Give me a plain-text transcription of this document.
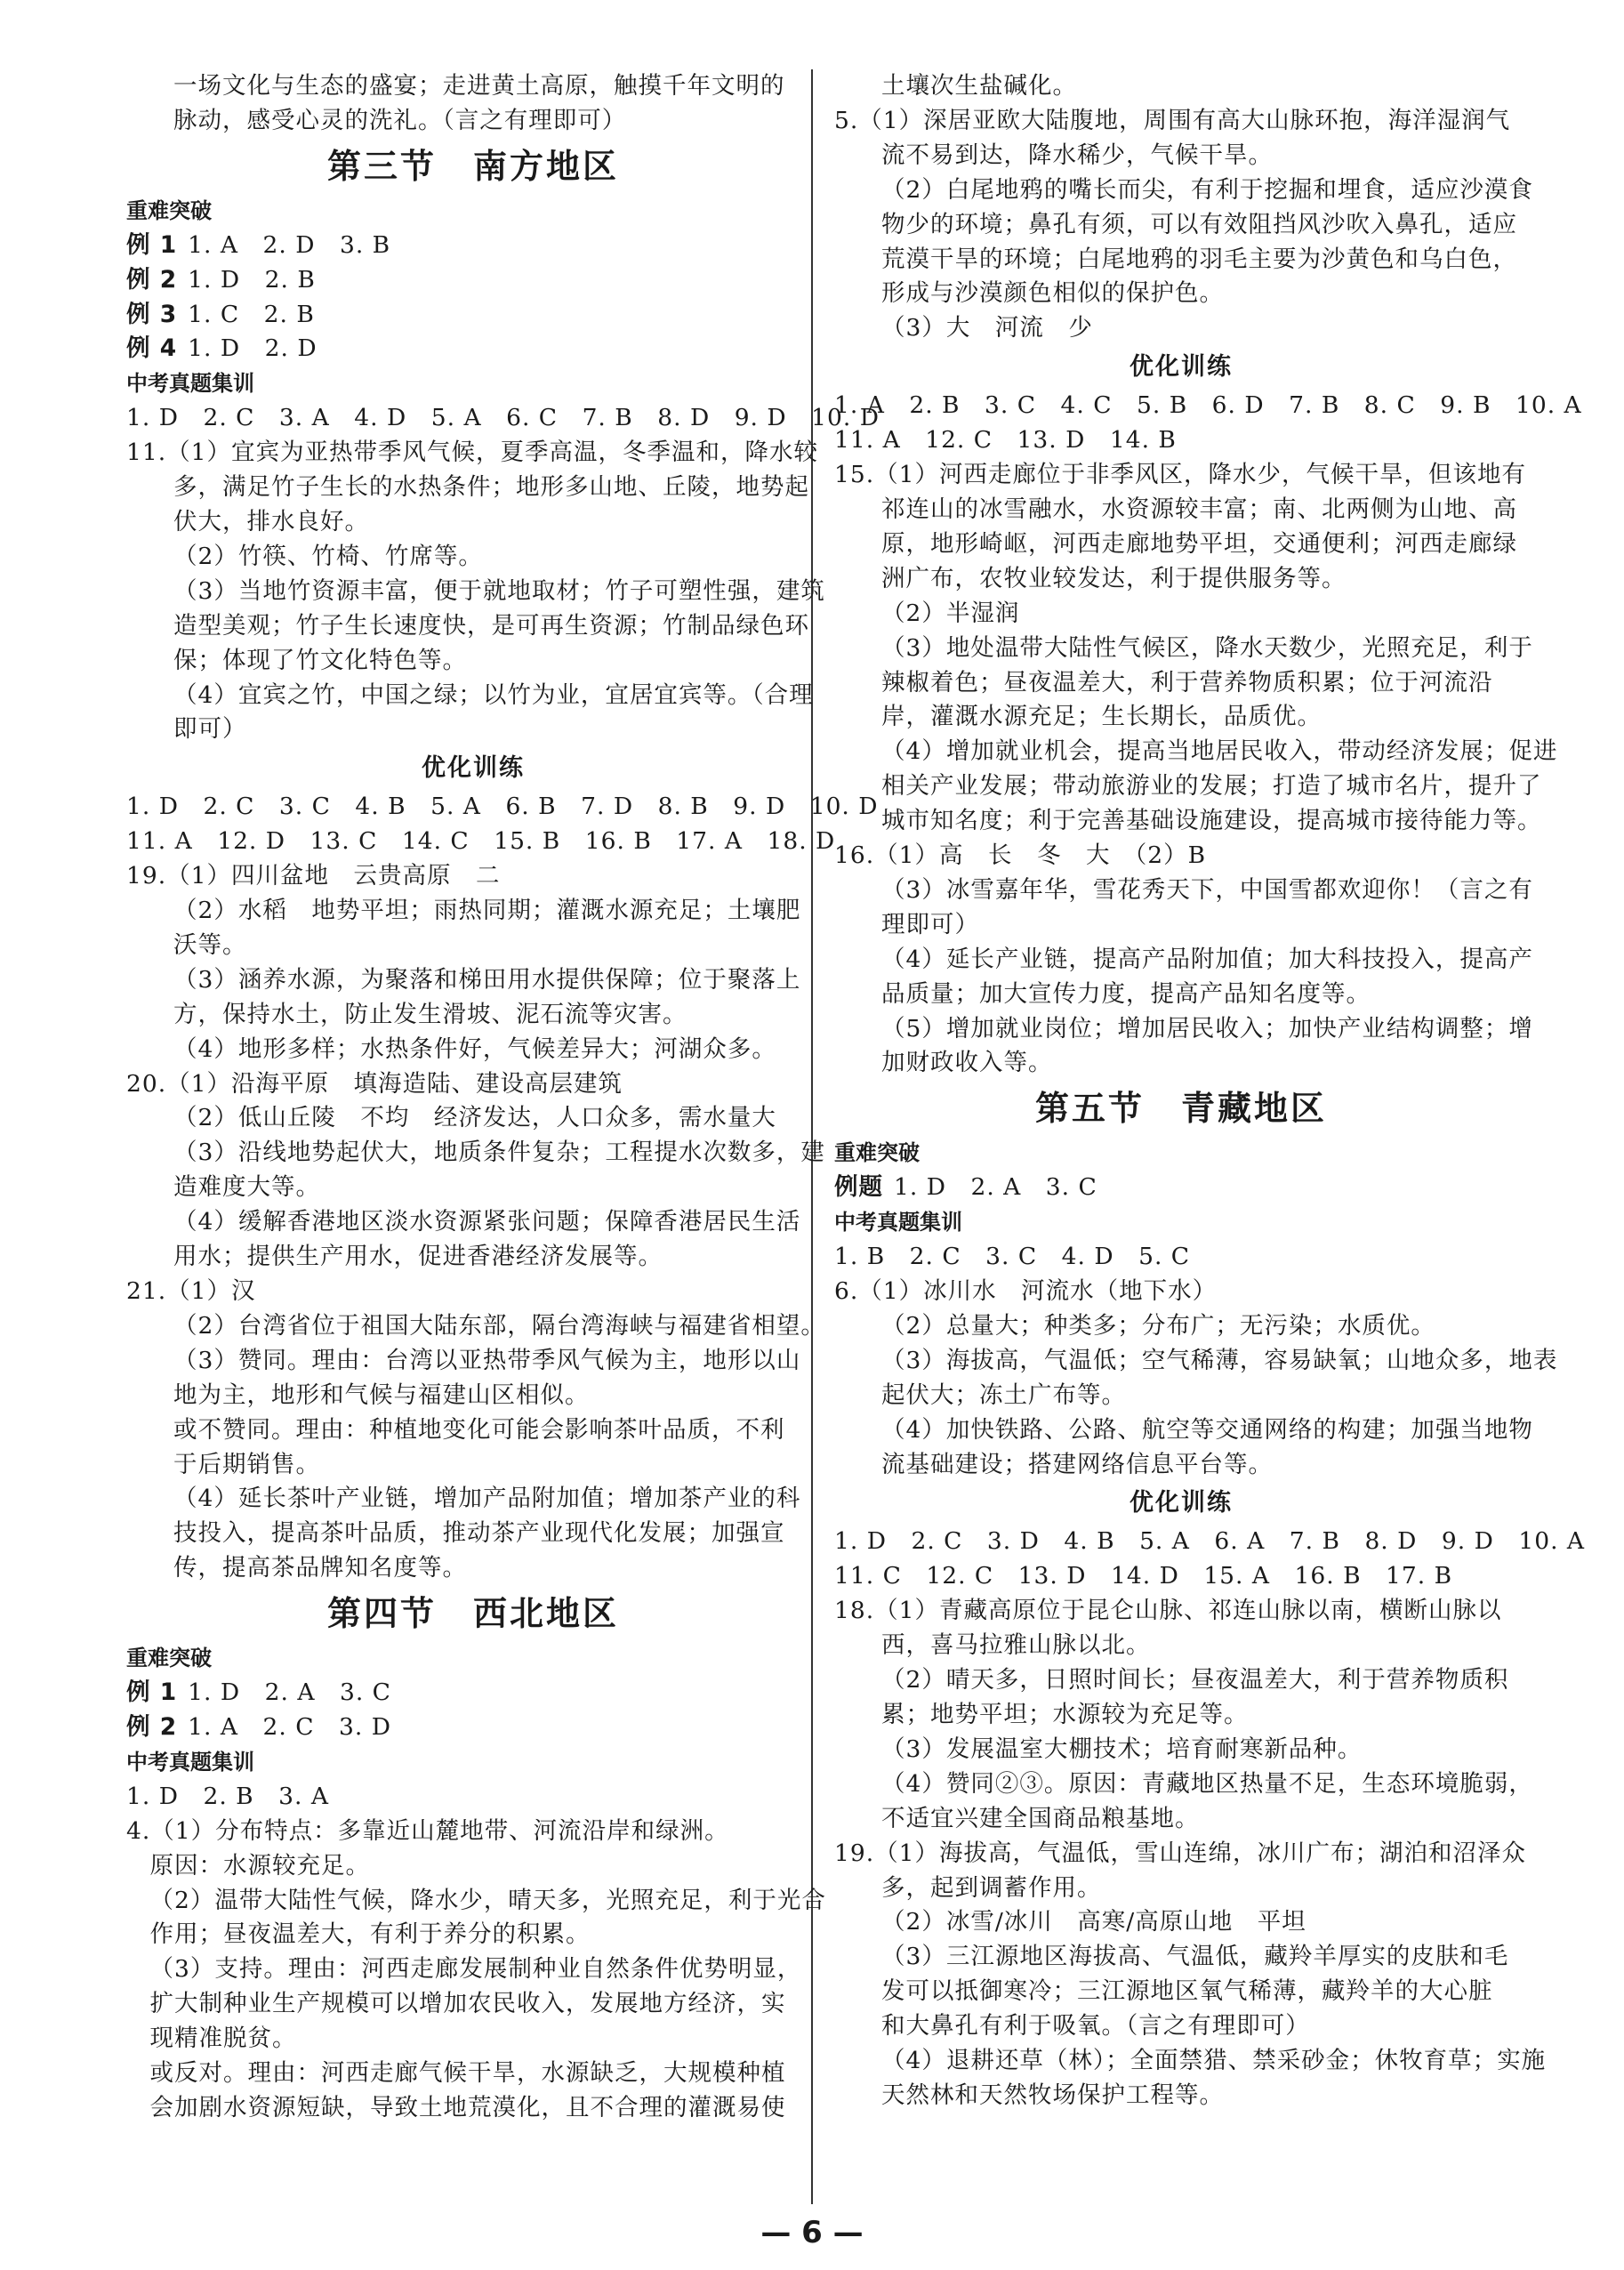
一场文化与生态的盛宴；走进黄土高原，触摸千年文明的
脉动，感受心灵的洗礼。（言之有理即可）
第三节　南方地区
重难突破
例 1 1. A　2. D　3. B
例 2 1. D　2. B
例 3 1. C　2. B
例 4 1. D　2. D
中考真题集训
1. D　2. C　3. A　4. D　5. A　6. C　7. B　8. D　9. D　10. D
11.（1）宜宾为亚热带季风气候，夏季高温，冬季温和，降水较
多，满足竹子生长的水热条件；地形多山地、丘陵，地势起
伏大，排水良好。
（2）竹筷、竹椅、竹席等。
（3）当地竹资源丰富，便于就地取材；竹子可塑性强，建筑
造型美观；竹子生长速度快，是可再生资源；竹制品绿色环
保；体现了竹文化特色等。
（4）宜宾之竹，中国之绿；以竹为业，宜居宜宾等。（合理
即可）
优化训练
1. D　2. C　3. C　4. B　5. A　6. B　7. D　8. B　9. D　10. D
11. A　12. D　13. C　14. C　15. B　16. B　17. A　18. D
19.（1）四川盆地　云贵高原　二
（2）水稻　地势平坦；雨热同期；灌溉水源充足；土壤肥
沃等。
（3）涵养水源，为聚落和梯田用水提供保障；位于聚落上
方，保持水土，防止发生滑坡、泥石流等灾害。
（4）地形多样；水热条件好，气候差异大；河湖众多。
20.（1）沿海平原　填海造陆、建设高层建筑
（2）低山丘陵　不均　经济发达，人口众多，需水量大
（3）沿线地势起伏大，地质条件复杂；工程提水次数多，建
造难度大等。
（4）缓解香港地区淡水资源紧张问题；保障香港居民生活
用水；提供生产用水，促进香港经济发展等。
21.（1）汉
（2）台湾省位于祖国大陆东部，隔台湾海峡与福建省相望。
（3）赞同。理由：台湾以亚热带季风气候为主，地形以山
地为主，地形和气候与福建山区相似。
或不赞同。理由：种植地变化可能会影响茶叶品质，不利
于后期销售。
（4）延长茶叶产业链，增加产品附加值；增加茶产业的科
技投入，提高茶叶品质，推动茶产业现代化发展；加强宣
传，提高茶品牌知名度等。
第四节　西北地区
重难突破
例 1 1. D　2. A　3. C
例 2 1. A　2. C　3. D
中考真题集训
1. D　2. B　3. A
4.（1）分布特点：多靠近山麓地带、河流沿岸和绿洲。
原因：水源较充足。
（2）温带大陆性气候，降水少，晴天多，光照充足，利于光合
作用；昼夜温差大，有利于养分的积累。
（3）支持。理由：河西走廊发展制种业自然条件优势明显，
扩大制种业生产规模可以增加农民收入，发展地方经济，实
现精准脱贫。
或反对。理由：河西走廊气候干旱，水源缺乏，大规模种植
会加剧水资源短缺，导致土地荒漠化，且不合理的灌溉易使
土壤次生盐碱化。
5.（1）深居亚欧大陆腹地，周围有高大山脉环抱，海洋湿润气
流不易到达，降水稀少，气候干旱。
（2）白尾地鸦的嘴长而尖，有利于挖掘和埋食，适应沙漠食
物少的环境；鼻孔有须，可以有效阻挡风沙吹入鼻孔，适应
荒漠干旱的环境；白尾地鸦的羽毛主要为沙黄色和乌白色，
形成与沙漠颜色相似的保护色。
（3）大　河流　少
优化训练
1. A　2. B　3. C　4. C　5. B　6. D　7. B　8. C　9. B　10. A
11. A　12. C　13. D　14. B
15.（1）河西走廊位于非季风区，降水少，气候干旱，但该地有
祁连山的冰雪融水，水资源较丰富；南、北两侧为山地、高
原，地形崎岖，河西走廊地势平坦，交通便利；河西走廊绿
洲广布，农牧业较发达，利于提供服务等。
（2）半湿润
（3）地处温带大陆性气候区，降水天数少，光照充足，利于
辣椒着色；昼夜温差大，利于营养物质积累；位于河流沿
岸，灌溉水源充足；生长期长，品质优。
（4）增加就业机会，提高当地居民收入，带动经济发展；促进
相关产业发展；带动旅游业的发展；打造了城市名片，提升了
城市知名度；利于完善基础设施建设，提高城市接待能力等。
16.（1）高　长　冬　大　（2）B
（3）冰雪嘉年华，雪花秀天下，中国雪都欢迎你！（言之有
理即可）
（4）延长产业链，提高产品附加值；加大科技投入，提高产
品质量；加大宣传力度，提高产品知名度等。
（5）增加就业岗位；增加居民收入；加快产业结构调整；增
加财政收入等。
第五节　青藏地区
重难突破
例题 1. D　2. A　3. C
中考真题集训
1. B　2. C　3. C　4. D　5. C
6.（1）冰川水　河流水（地下水）
（2）总量大；种类多；分布广；无污染；水质优。
（3）海拔高，气温低；空气稀薄，容易缺氧；山地众多，地表
起伏大；冻土广布等。
（4）加快铁路、公路、航空等交通网络的构建；加强当地物
流基础建设；搭建网络信息平台等。
优化训练
1. D　2. C　3. D　4. B　5. A　6. A　7. B　8. D　9. D　10. A
11. C　12. C　13. D　14. D　15. A　16. B　17. B
18.（1）青藏高原位于昆仑山脉、祁连山脉以南，横断山脉以
西，喜马拉雅山脉以北。
（2）晴天多，日照时间长；昼夜温差大，利于营养物质积
累；地势平坦；水源较为充足等。
（3）发展温室大棚技术；培育耐寒新品种。
（4）赞同②③。原因：青藏地区热量不足，生态环境脆弱，
不适宜兴建全国商品粮基地。
19.（1）海拔高，气温低，雪山连绵，冰川广布；湖泊和沼泽众
多，起到调蓄作用。
（2）冰雪/冰川　高寒/高原山地　平坦
（3）三江源地区海拔高、气温低，藏羚羊厚实的皮肤和毛
发可以抵御寒冷；三江源地区氧气稀薄，藏羚羊的大心脏
和大鼻孔有利于吸氧。（言之有理即可）
（4）退耕还草（林）；全面禁猎、禁采砂金；休牧育草；实施
天然林和天然牧场保护工程等。
— 6 —
